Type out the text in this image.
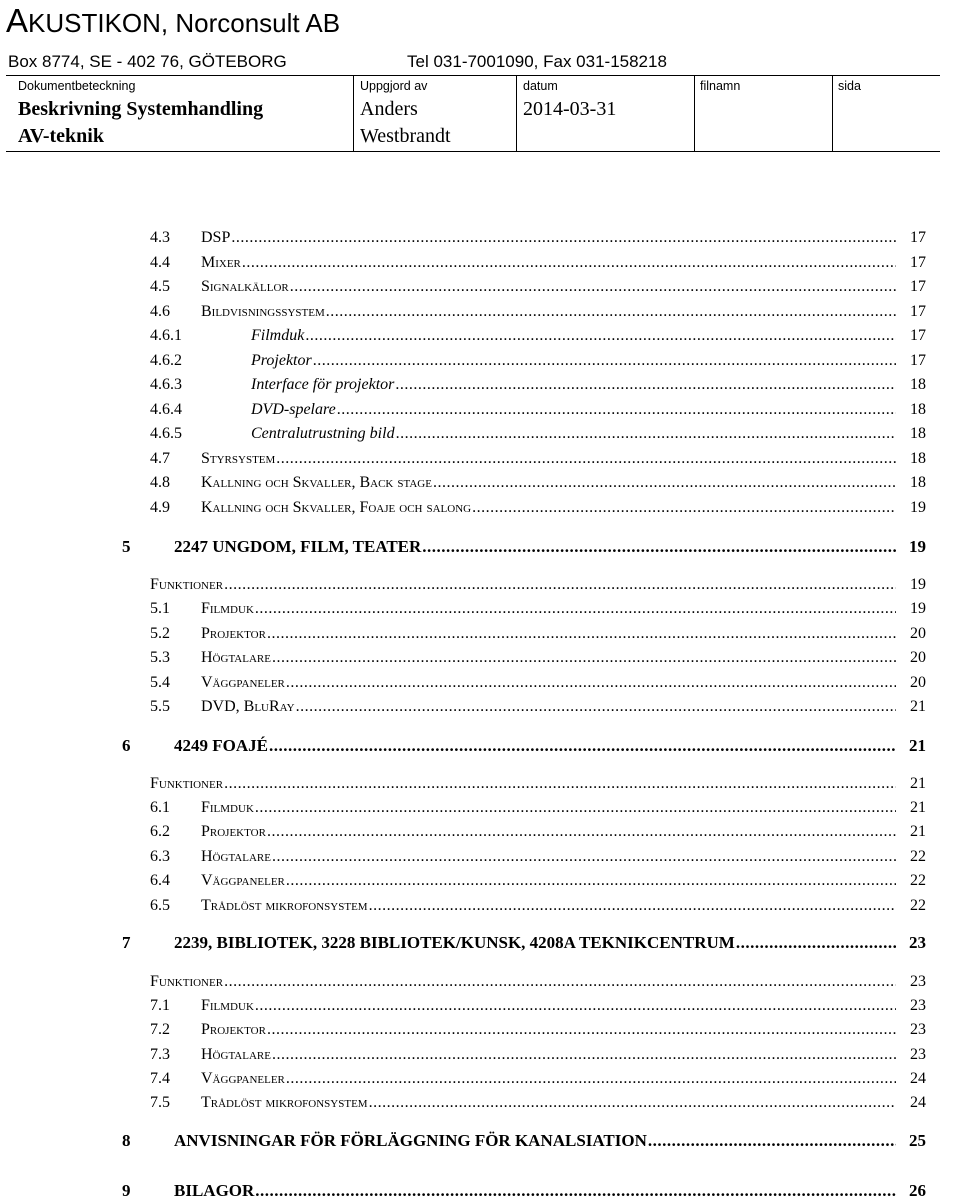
AKUSTIKON, Norconsult AB
Box 8774, SE - 402 76, GÖTEBORG	Tel 031-7001090, Fax 031-158218
Dokumentbeteckning
Beskrivning Systemhandling
AV-teknik
Uppgjord av
Anders
Westbrandt
datum
2014-03-31
filnamn	sida
4.3 DSP .....	17
4.4 Mixer .....	17
4.5 Signalkällor .....	17
4.6 Bildvisningssystem .....	17
4.6.1	Filmduk .....	17
4.6.2	Projektor .....	17
4.6.3	Interface för projektor .....	18
4.6.4	DVD-spelare .....	18
4.6.5	Centralutrustning bild .....	18
4.7 Styrsystem .....	18
4.8 Kallning och Skvaller, Back stage .....	18
4.9 Kallning och Skvaller, Foaje och salong .....	19
5	2247 UNGDOM, FILM, TEATER .....	19
Funktioner .....	19
5.1 Filmduk .....	19
5.2 Projektor .....	20
5.3 Högtalare .....	20
5.4 Väggpaneler .....	20
5.5 DVD, BluRay .....	21
6	4249 FOAJÉ .....	21
Funktioner .....	21
6.1 Filmduk .....	21
6.2 Projektor .....	21
6.3 Högtalare .....	22
6.4 Väggpaneler .....	22
6.5 Trådlöst mikrofonsystem .....	22
7	2239, BIBLIOTEK, 3228 BIBLIOTEK/KUNSK, 4208A TEKNIKCENTRUM .....	23
Funktioner .....	23
7.1 Filmduk .....	23
7.2 Projektor .....	23
7.3 Högtalare .....	23
7.4 Väggpaneler .....	24
7.5 Trådlöst mikrofonsystem .....	24
8	ANVISNINGAR FÖR FÖRLÄGGNING FÖR KANALSIATION .....	25
9	BILAGOR .....	26
